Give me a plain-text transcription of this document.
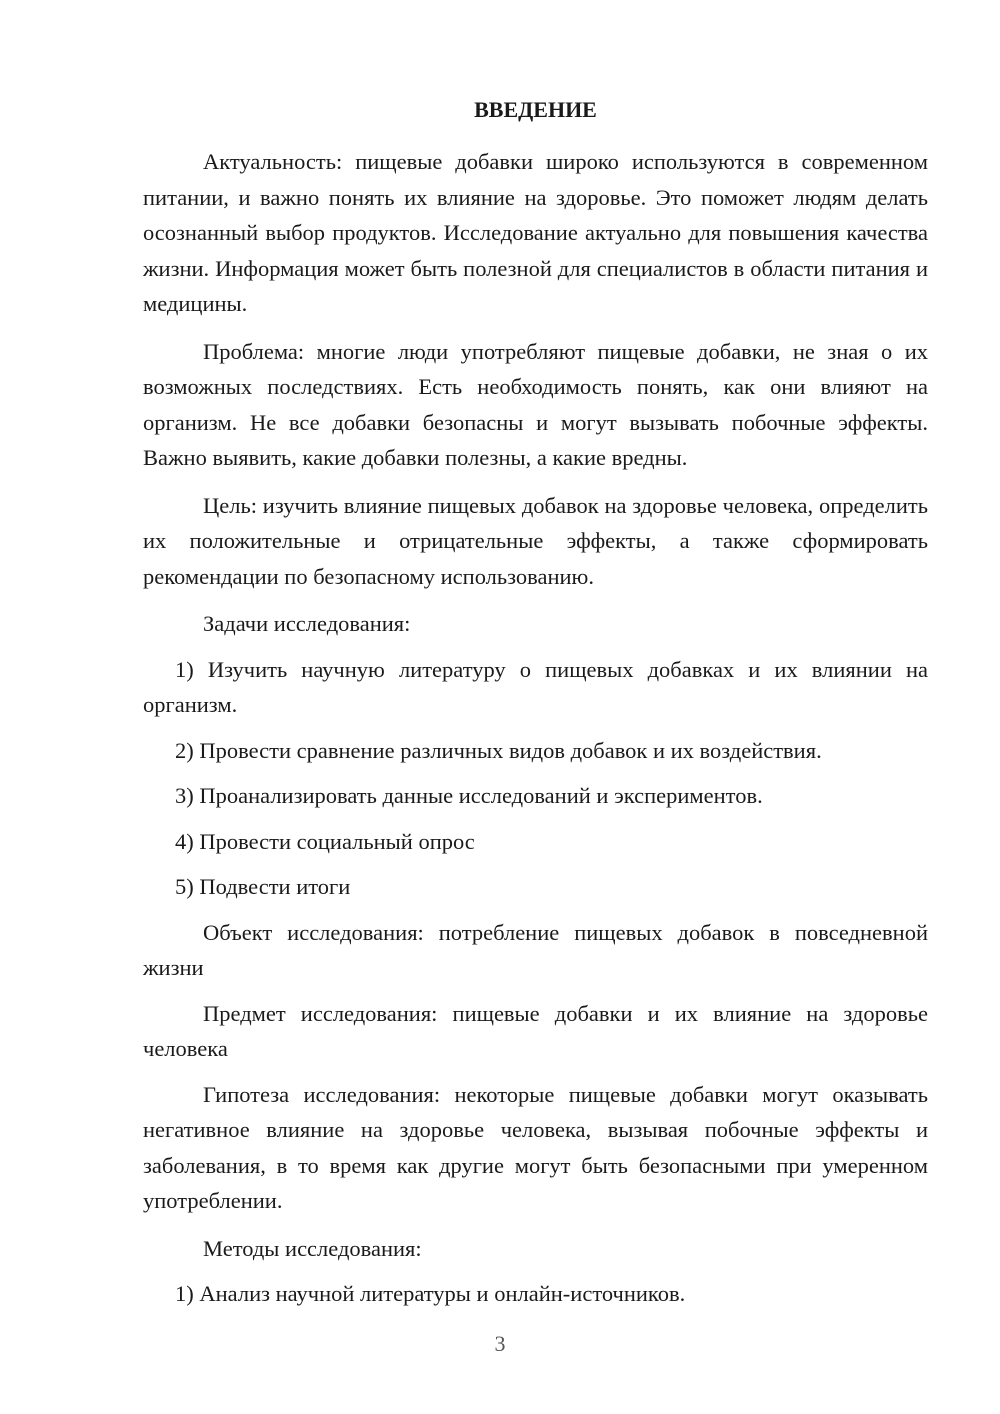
ВВЕДЕНИЕ

Актуальность: пищевые добавки широко используются в современном питании, и важно понять их влияние на здоровье. Это поможет людям делать осознанный выбор продуктов. Исследование актуально для повышения качества жизни. Информация может быть полезной для специалистов в области питания и медицины.

Проблема: многие люди употребляют пищевые добавки, не зная о их возможных последствиях. Есть необходимость понять, как они влияют на организм. Не все добавки безопасны и могут вызывать побочные эффекты. Важно выявить, какие добавки полезны, а какие вредны.

Цель: изучить влияние пищевых добавок на здоровье человека, определить их положительные и отрицательные эффекты, а также сформировать рекомендации по безопасному использованию.

Задачи исследования:

1) Изучить научную литературу о пищевых добавках и их влиянии на организм.

2) Провести сравнение различных видов добавок и их воздействия.

3) Проанализировать данные исследований и экспериментов.

4) Провести социальный опрос

5) Подвести итоги

Объект исследования: потребление пищевых добавок в повседневной жизни

Предмет исследования: пищевые добавки и их влияние на здоровье человека

Гипотеза исследования: некоторые пищевые добавки могут оказывать негативное влияние на здоровье человека, вызывая побочные эффекты и заболевания, в то время как другие могут быть безопасными при умеренном употреблении.

Методы исследования:

1) Анализ научной литературы и онлайн-источников.

3
